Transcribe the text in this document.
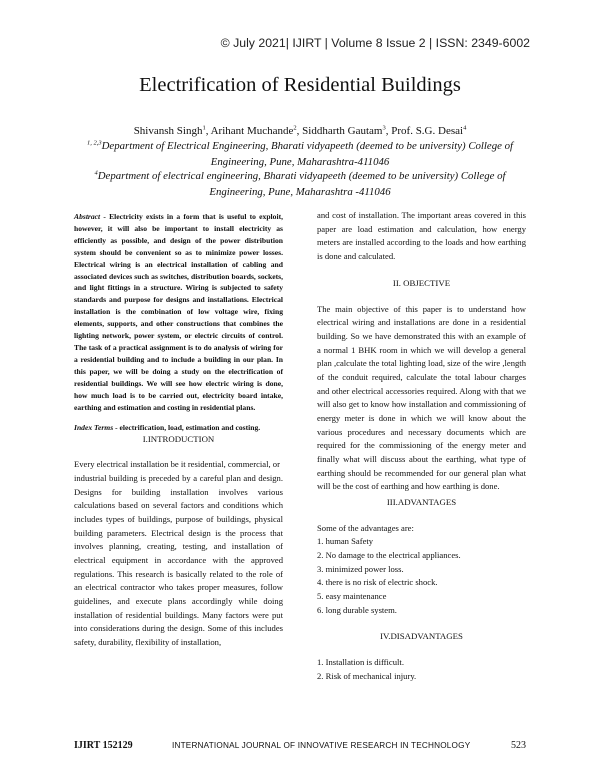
© July 2021| IJIRT | Volume 8 Issue 2 | ISSN: 2349-6002
Electrification of Residential Buildings
Shivansh Singh$^1$, Arihant Muchande$^2$, Siddharth Gautam$^3$, Prof. S.G. Desai$^4$
$^{1, 2,3}$Department of Electrical Engineering, Bharati vidyapeeth (deemed to be university) College of Engineering, Pune, Maharashtra-411046
$^4$Department of electrical engineering, Bharati vidyapeeth (deemed to be university) College of Engineering, Pune, Maharashtra -411046

Abstract - Electricity exists in a form that is useful to exploit, however, it will also be important to install electricity as efficiently as possible, and design of the power distribution system should be convenient so as to minimize power losses. Electrical wiring is an electrical installation of cabling and associated devices such as switches, distribution boards, sockets, and light fittings in a structure. Wiring is subjected to safety standards and purpose for designs and installations. Electrical installation is the combination of low voltage wire, fixing elements, supports, and other constructions that combines the lighting network, power system, or electric circuits of control. The task of a practical assignment is to do analysis of wiring for a residential building and to include a building in our plan. In this paper, we will be doing a study on the electrification of residential buildings. We will see how electric wiring is done, how much load is to be carried out, electricity board intake, earthing and estimation and costing in residential plans.

Index Terms - electrification, load, estimation and costing.

I.INTRODUCTION

Every electrical installation be it residential, commercial, or

industrial building is preceded by a careful plan and design. Designs for building installation involves various calculations based on several factors and conditions which includes types of buildings, purpose of buildings, physical building parameters. Electrical design is the process that involves planning, creating, testing, and installation of electrical equipment in accordance with the approved regulations. This research is basically related to the role of an electrical contractor who takes proper measures, follow guidelines, and execute plans accordingly while doing installation of residential buildings. Many factors were put into considerations during the design. Some of this includes safety, durability, flexibility of installation,

and cost of installation. The important areas covered in this paper are load estimation and calculation, how energy meters are installed according to the loads and how earthing is done and calculated.

II. OBJECTIVE

The main objective of this paper is to understand how electrical wiring and installations are done in a residential building. So we have demonstrated this with an example of a normal 1 BHK room in which we will develop a general plan ,calculate the total lighting load, size of the wire ,length of the conduit required, calculate the total labour charges and other electrical accessories required. Along with that we will also get to know how installation and commissioning of energy meter is done in which we will know about the various procedures and necessary documents which are required for the commissioning of the energy meter and finally what will discuss about the earthing, what type of earthing should be recommended for our general plan what will be the cost of earthing and how earthing is done.

III.ADVANTAGES

Some of the advantages are:

1. human Safety

2. No damage to the electrical appliances.

3. minimized power loss.

4. there is no risk of electric shock.

5. easy maintenance

6. long durable system.

IV.DISADVANTAGES

1. Installation is difficult.

2. Risk of mechanical injury.

IJIRT 152129	INTERNATIONAL JOURNAL OF INNOVATIVE RESEARCH IN TECHNOLOGY	523
